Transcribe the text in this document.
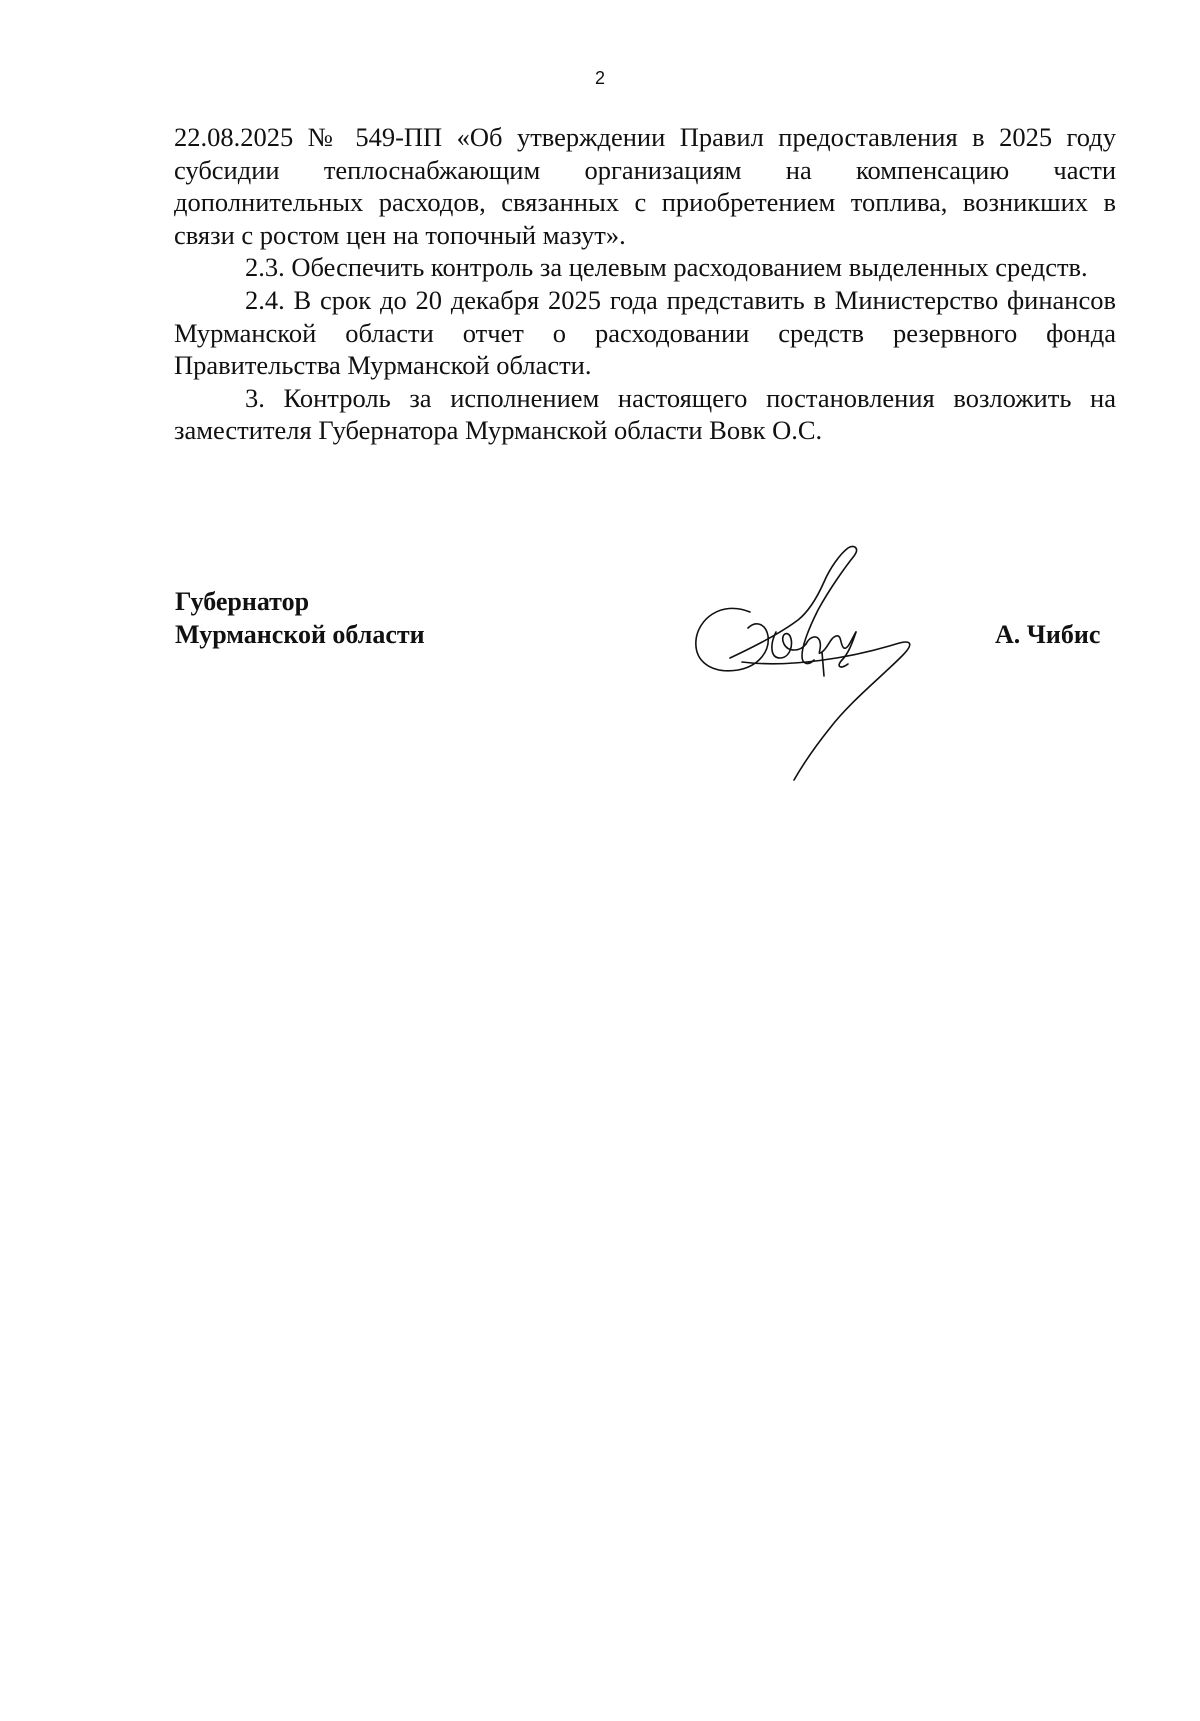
2

22.08.2025 № 549-ПП «Об утверждении Правил предоставления в 2025 году субсидии теплоснабжающим организациям на компенсацию части дополнительных расходов, связанных с приобретением топлива, возникших в связи с ростом цен на топочный мазут».

2.3. Обеспечить контроль за целевым расходованием выделенных средств.

2.4. В срок до 20 декабря 2025 года представить в Министерство финансов Мурманской области отчет о расходовании средств резервного фонда Правительства Мурманской области.

3. Контроль за исполнением настоящего постановления возложить на заместителя Губернатора Мурманской области Вовк О.С.

Губернатор
Мурманской области	А. Чибис
